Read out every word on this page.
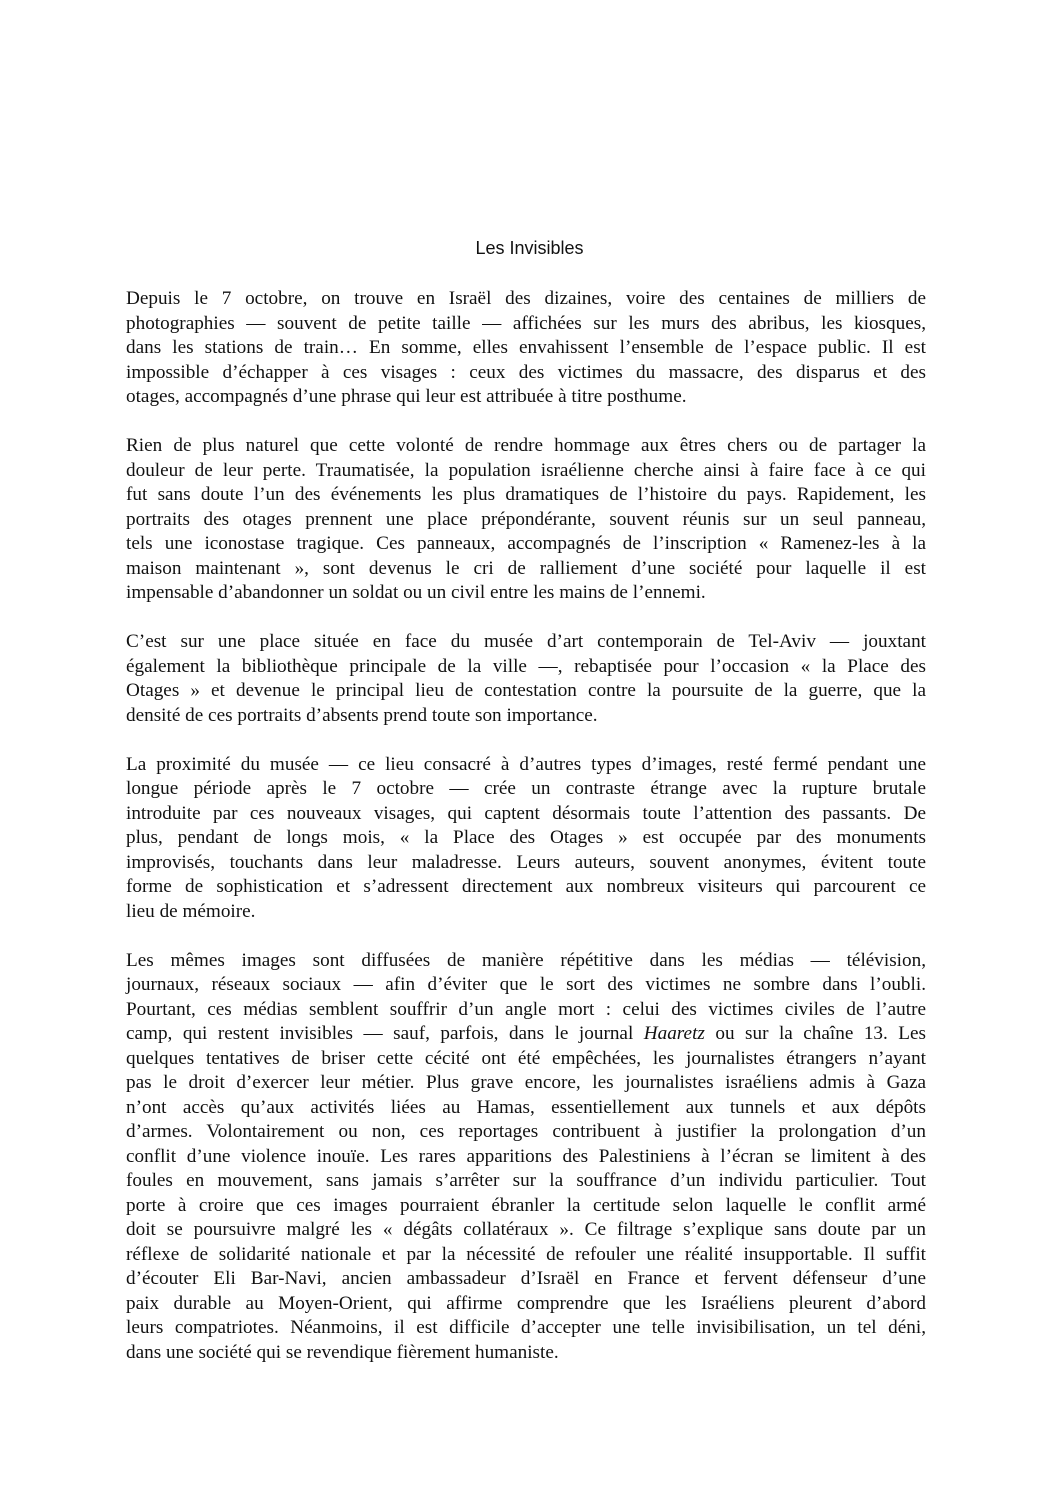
Les Invisibles

Depuis le 7 octobre, on trouve en Israël des dizaines, voire des centaines de milliers de
photographies — souvent de petite taille — affichées sur les murs des abribus, les kiosques,
dans les stations de train… En somme, elles envahissent l’ensemble de l’espace public. Il est
impossible d’échapper à ces visages : ceux des victimes du massacre, des disparus et des
otages, accompagnés d’une phrase qui leur est attribuée à titre posthume.

Rien de plus naturel que cette volonté de rendre hommage aux êtres chers ou de partager la
douleur de leur perte. Traumatisée, la population israélienne cherche ainsi à faire face à ce qui
fut sans doute l’un des événements les plus dramatiques de l’histoire du pays. Rapidement, les
portraits des otages prennent une place prépondérante, souvent réunis sur un seul panneau,
tels une iconostase tragique. Ces panneaux, accompagnés de l’inscription « Ramenez-les à la
maison maintenant », sont devenus le cri de ralliement d’une société pour laquelle il est
impensable d’abandonner un soldat ou un civil entre les mains de l’ennemi.

C’est sur une place située en face du musée d’art contemporain de Tel-Aviv — jouxtant
également la bibliothèque principale de la ville —, rebaptisée pour l’occasion « la Place des
Otages » et devenue le principal lieu de contestation contre la poursuite de la guerre, que la
densité de ces portraits d’absents prend toute son importance.

La proximité du musée — ce lieu consacré à d’autres types d’images, resté fermé pendant une
longue période après le 7 octobre — crée un contraste étrange avec la rupture brutale
introduite par ces nouveaux visages, qui captent désormais toute l’attention des passants. De
plus, pendant de longs mois, « la Place des Otages » est occupée par des monuments
improvisés, touchants dans leur maladresse. Leurs auteurs, souvent anonymes, évitent toute
forme de sophistication et s’adressent directement aux nombreux visiteurs qui parcourent ce
lieu de mémoire.

Les mêmes images sont diffusées de manière répétitive dans les médias — télévision,
journaux, réseaux sociaux — afin d’éviter que le sort des victimes ne sombre dans l’oubli.
Pourtant, ces médias semblent souffrir d’un angle mort : celui des victimes civiles de l’autre
camp, qui restent invisibles — sauf, parfois, dans le journal Haaretz ou sur la chaîne 13. Les
quelques tentatives de briser cette cécité ont été empêchées, les journalistes étrangers n’ayant
pas le droit d’exercer leur métier. Plus grave encore, les journalistes israéliens admis à Gaza
n’ont accès qu’aux activités liées au Hamas, essentiellement aux tunnels et aux dépôts
d’armes. Volontairement ou non, ces reportages contribuent à justifier la prolongation d’un
conflit d’une violence inouïe. Les rares apparitions des Palestiniens à l’écran se limitent à des
foules en mouvement, sans jamais s’arrêter sur la souffrance d’un individu particulier. Tout
porte à croire que ces images pourraient ébranler la certitude selon laquelle le conflit armé
doit se poursuivre malgré les « dégâts collatéraux ». Ce filtrage s’explique sans doute par un
réflexe de solidarité nationale et par la nécessité de refouler une réalité insupportable. Il suffit
d’écouter Eli Bar-Navi, ancien ambassadeur d’Israël en France et fervent défenseur d’une
paix durable au Moyen-Orient, qui affirme comprendre que les Israéliens pleurent d’abord
leurs compatriotes. Néanmoins, il est difficile d’accepter une telle invisibilisation, un tel déni,
dans une société qui se revendique fièrement humaniste.
